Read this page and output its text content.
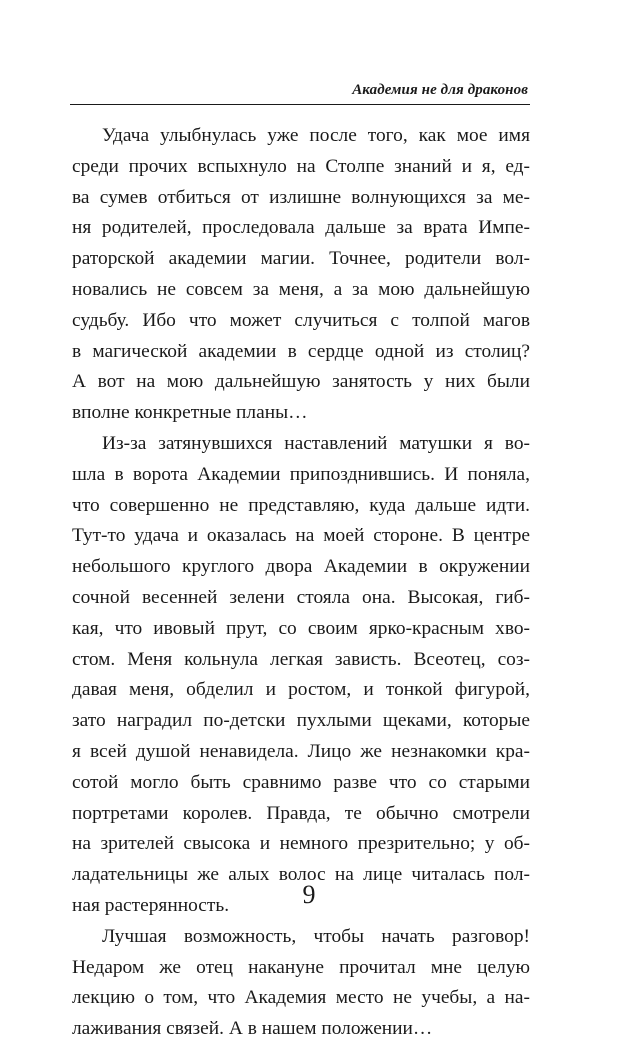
Академия не для драконов
Удача улыбнулась уже после того, как мое имя
среди прочих вспыхнуло на Столпе знаний и я, ед-
ва сумев отбиться от излишне волнующихся за ме-
ня родителей, проследовала дальше за врата Импе-
раторской академии магии. Точнее, родители вол-
новались не совсем за меня, а за мою дальнейшую
судьбу. Ибо что может случиться с толпой магов
в магической академии в сердце одной из столиц?
А вот на мою дальнейшую занятость у них были
вполне конкретные планы…
Из-за затянувшихся наставлений матушки я во-
шла в ворота Академии припозднившись. И поняла,
что совершенно не представляю, куда дальше идти.
Тут-то удача и оказалась на моей стороне. В центре
небольшого круглого двора Академии в окружении
сочной весенней зелени стояла она. Высокая, гиб-
кая, что ивовый прут, со своим ярко-красным хво-
стом. Меня кольнула легкая зависть. Всеотец, соз-
давая меня, обделил и ростом, и тонкой фигурой,
зато наградил по-детски пухлыми щеками, которые
я всей душой ненавидела. Лицо же незнакомки кра-
сотой могло быть сравнимо разве что со старыми
портретами королев. Правда, те обычно смотрели
на зрителей свысока и немного презрительно; у об-
ладательницы же алых волос на лице читалась пол-
ная растерянность.
Лучшая возможность, чтобы начать разговор!
Недаром же отец накануне прочитал мне целую
лекцию о том, что Академия место не учебы, а на-
лаживания связей. А в нашем положении…
9
